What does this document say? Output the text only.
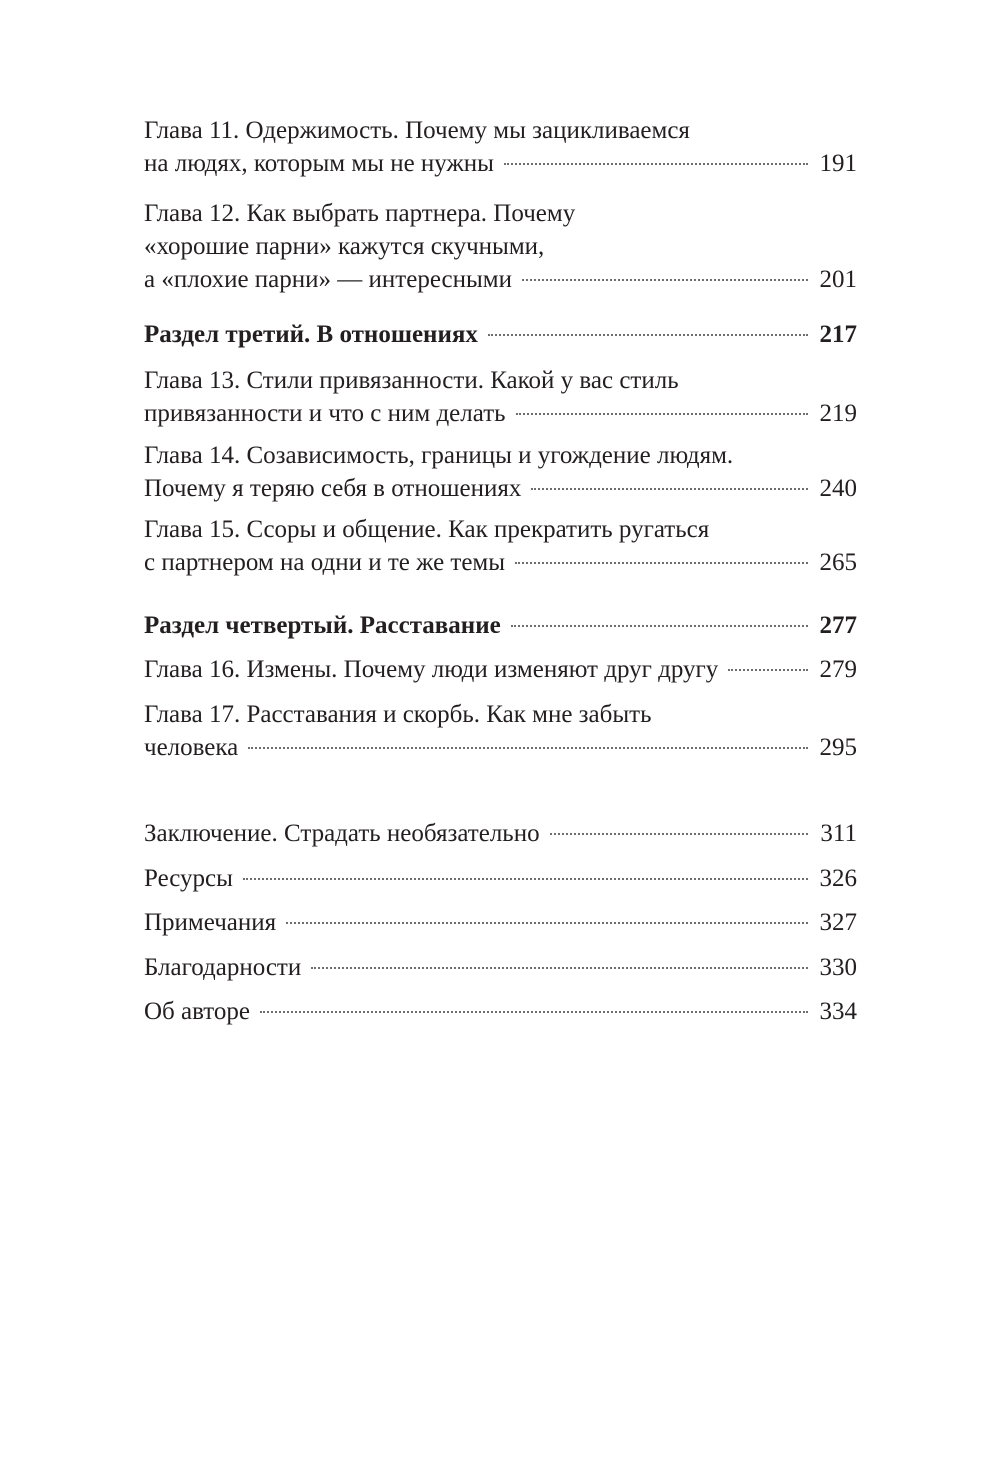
Глава 11. Одержимость. Почему мы зацикливаемся
на людях, которым мы не нужны	191
Глава 12. Как выбрать партнера. Почему
«хорошие парни» кажутся скучными,
а «плохие парни» — интересными	201
Раздел третий. В отношениях	217
Глава 13. Стили привязанности. Какой у вас стиль
привязанности и что с ним делать	219
Глава 14. Созависимость, границы и угождение людям.
Почему я теряю себя в отношениях	240
Глава 15. Ссоры и общение. Как прекратить ругаться
с партнером на одни и те же темы	265
Раздел четвертый. Расставание	277
Глава 16. Измены. Почему люди изменяют друг другу	279
Глава 17. Расставания и скорбь. Как мне забыть
человека	295
Заключение. Страдать необязательно	311
Ресурсы	326
Примечания	327
Благодарности	330
Об авторе	334
